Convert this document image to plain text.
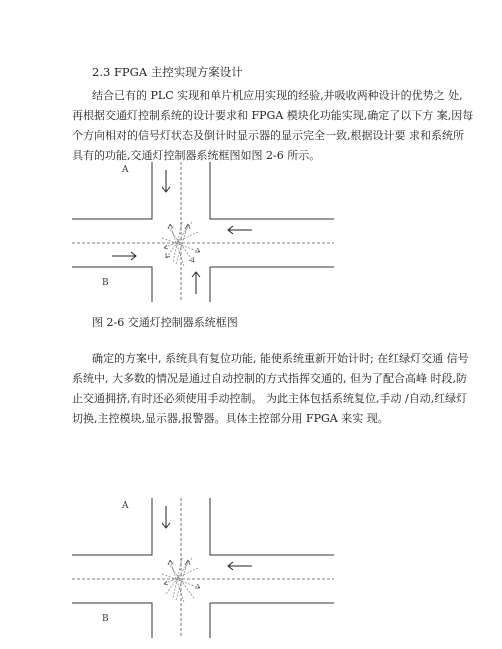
2.3 FPGA 主控实现方案设计
结合已有的 PLC 实现和单片机应用实现的经验,并吸收两种设计的优势之 处,
再根据交通灯控制系统的设计要求和 FPGA 模块化功能实现,确定了以下方 案,因每
个方向相对的信号灯状态及倒计时显示器的显示完全一致,根据设计要 求和系统所
具有的功能,交通灯控制器系统框图如图 2-6 所示。
A
B
图 2-6 交通灯控制器系统框图
确定的方案中, 系统具有复位功能, 能使系统重新开始计时; 在红绿灯交通 信号
系统中, 大多数的情况是通过自动控制的方式指挥交通的, 但为了配合高峰 时段,防
止交通拥挤,有时还必须使用手动控制。 为此主体包括系统复位,手动 /自动,红绿灯
切换,主控模块,显示器,报警器。具体主控部分用 FPGA 来实 现。
A
B
